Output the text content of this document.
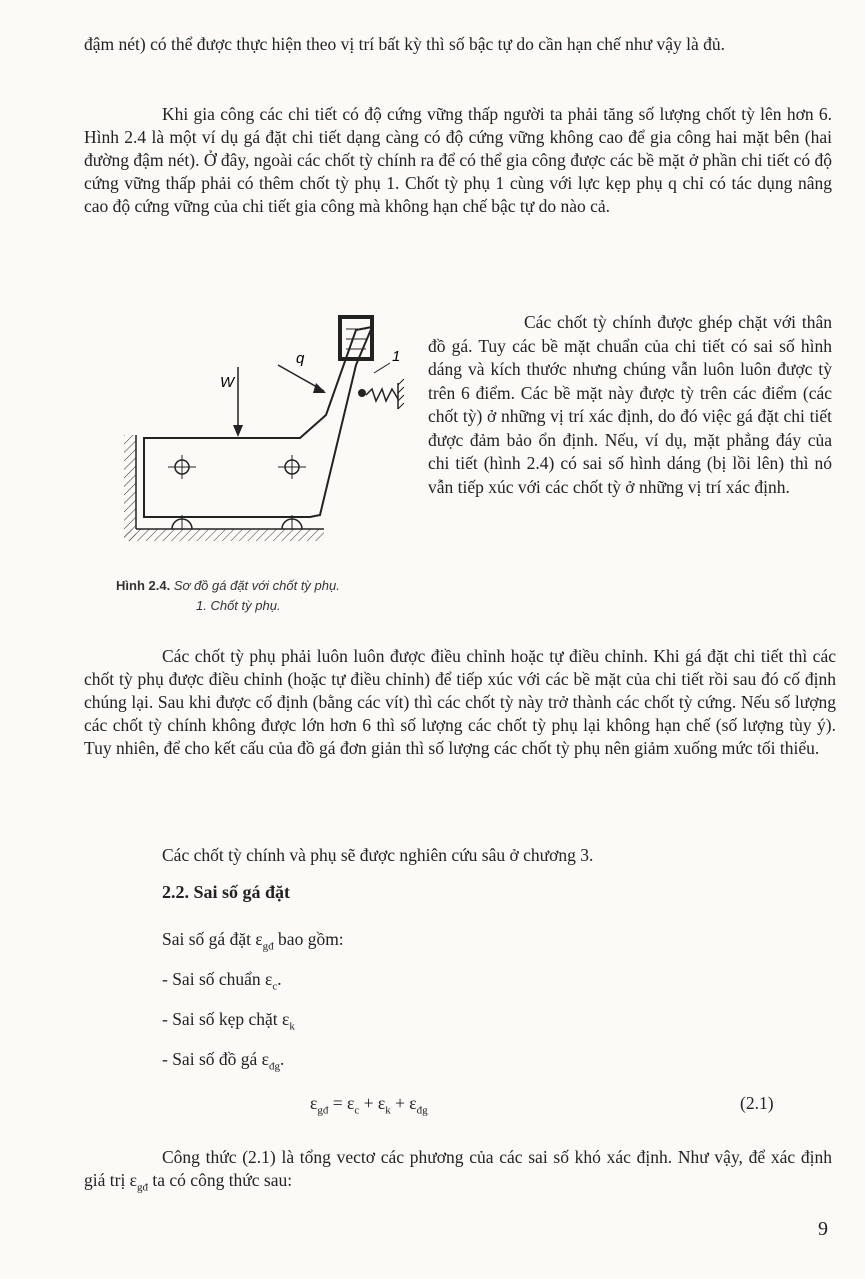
đậm nét) có thể được thực hiện theo vị trí bất kỳ thì số bậc tự do cần hạn chế như vậy là đủ.

Khi gia công các chi tiết có độ cứng vững thấp người ta phải tăng số lượng chốt tỳ lên hơn 6. Hình 2.4 là một ví dụ gá đặt chi tiết dạng càng có độ cứng vững không cao để gia công hai mặt bên (hai đường đậm nét). Ở đây, ngoài các chốt tỳ chính ra để có thể gia công được các bề mặt ở phần chi tiết có độ cứng vững thấp phải có thêm chốt tỳ phụ 1. Chốt tỳ phụ 1 cùng với lực kẹp phụ q chỉ có tác dụng nâng cao độ cứng vững của chi tiết gia công mà không hạn chế bậc tự do nào cả.

Các chốt tỳ chính được ghép chặt với thân đồ gá. Tuy các bề mặt chuẩn của chi tiết có sai số hình dáng và kích thước nhưng chúng vẫn luôn luôn được tỳ trên 6 điểm. Các bề mặt này được tỳ trên các điểm (các chốt tỳ) ở những vị trí xác định, do đó việc gá đặt chi tiết được đảm bảo ổn định. Nếu, ví dụ, mặt phẳng đáy của chi tiết (hình 2.4) có sai số hình dáng (bị lồi lên) thì nó vẫn tiếp xúc với các chốt tỳ ở những vị trí xác định.

W
q	1
Hình 2.4. Sơ đồ gá đặt với chốt tỳ phụ.
1. Chốt tỳ phụ.

Các chốt tỳ phụ phải luôn luôn được điều chỉnh hoặc tự điều chỉnh. Khi gá đặt chi tiết thì các chốt tỳ phụ được điều chỉnh (hoặc tự điều chỉnh) để tiếp xúc với các bề mặt của chi tiết rồi sau đó cố định chúng lại. Sau khi được cố định (bằng các vít) thì các chốt tỳ này trở thành các chốt tỳ cứng. Nếu số lượng các chốt tỳ chính không được lớn hơn 6 thì số lượng các chốt tỳ phụ lại không hạn chế (số lượng tùy ý). Tuy nhiên, để cho kết cấu của đồ gá đơn giản thì số lượng các chốt tỳ phụ nên giảm xuống mức tối thiểu.

Các chốt tỳ chính và phụ sẽ được nghiên cứu sâu ở chương 3.

2.2. Sai số gá đặt

Sai số gá đặt $\varepsilon_{gđ}$ bao gồm:

- Sai số chuẩn $\varepsilon_c$.

- Sai số kẹp chặt $\varepsilon_k$

- Sai số đồ gá $\varepsilon_{đg}$.

$\varepsilon_{gđ} = \varepsilon_c + \varepsilon_k + \varepsilon_{đg}$	(2.1)

Công thức (2.1) là tổng vectơ các phương của các sai số khó xác định. Như vậy, để xác định giá trị $\varepsilon_{gđ}$ ta có công thức sau:

9
